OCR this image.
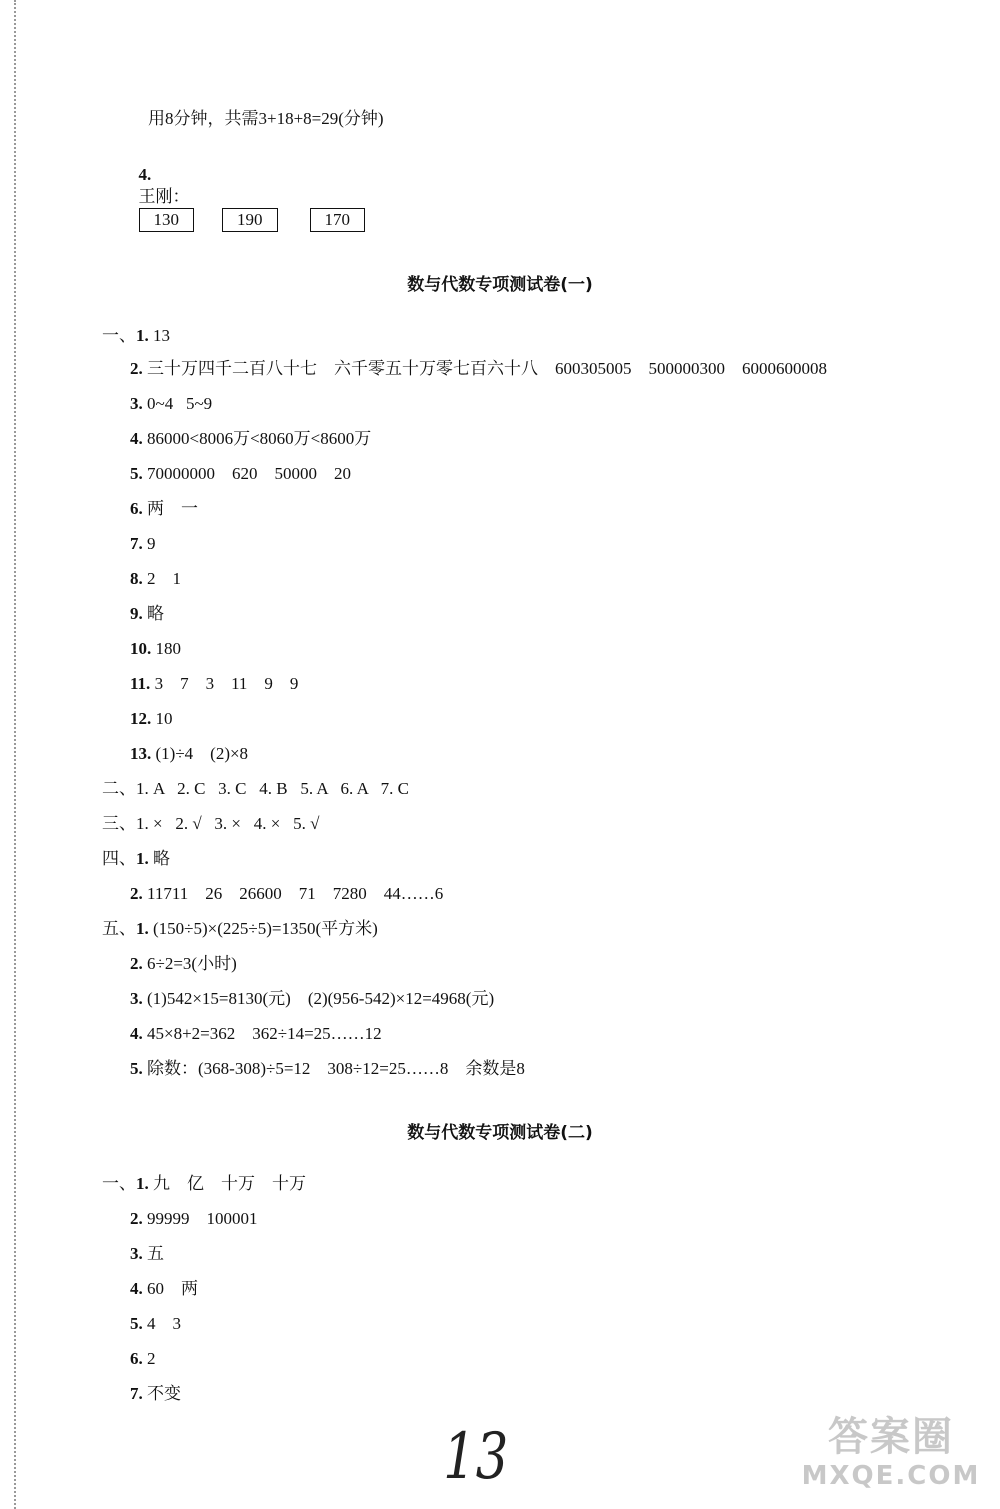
用8分钟，共需3+18+8=29(分钟)

4.
王刚：
130	190	170

数与代数专项测试卷(一)
一、1. 13
2. 三十万四千二百八十七    六千零五十万零七百六十八    600305005    500000300    6000600008
3. 0~4   5~9
4. 86000<8006万<8060万<8600万
5. 70000000    620    50000    20
6. 两    一
7. 9
8. 2    1
9. 略
10. 180
11. 3    7    3    11    9    9
12. 10
13. (1)÷4    (2)×8
二、1. A   2. C   3. C   4. B   5. A   6. A   7. C
三、1. ×   2. √   3. ×   4. ×   5. √
四、1. 略
2. 11711    26    26600    71    7280    44……6
五、1. (150÷5)×(225÷5)=1350(平方米)
2. 6÷2=3(小时)
3. (1)542×15=8130(元)    (2)(956-542)×12=4968(元)
4. 45×8+2=362    362÷14=25……12
5. 除数：(368-308)÷5=12    308÷12=25……8    余数是8
数与代数专项测试卷(二)
一、1. 九    亿    十万    十万
2. 99999    100001
3. 五
4. 60    两
5. 4    3
6. 2
7. 不变
13	答案圈
MXQE.COM
